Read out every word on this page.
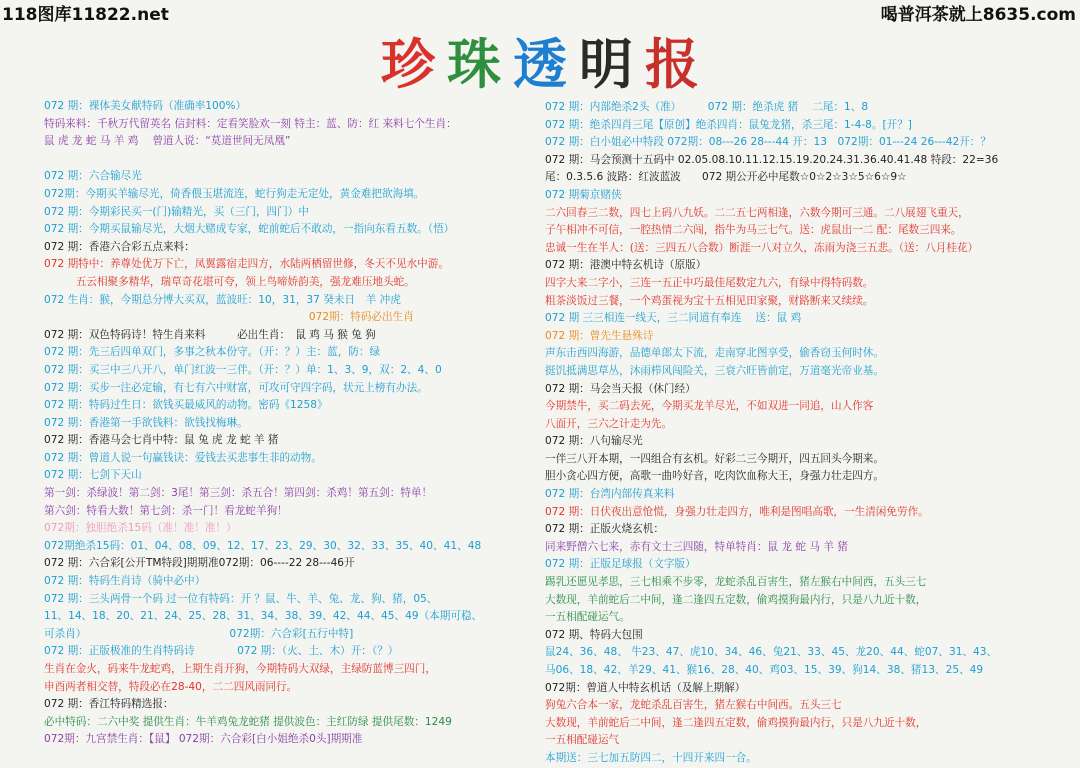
118图库11822.net	喝普洱茶就上8635.com
珍 珠 透 明 报
072 期：裸体美女献特码（准确率100%）
特码来料：千秋万代留英名 信封料：定看笑脸欢一刻 特主：蓝、防：红 来料七个生肖：
鼠 虎 龙 蛇 马 羊 鸡　 曾道人说：“莫道世间无凤凰”
072 期：六合输尽光
072期：今期买羊输尽光，倚香偎玉堪流连，蛇行狗走无定处，黄金难把欲海填。
072 期：今期彩民买一(门)输精光，买（三门，四门）中
072 期：今期买鼠输尽光，大烟大赌成专家，蛇前蛇后不敢动，一指向东看五数。（悟）
072 期：香港六合彩五点来料：
072 期特中：养尊处优万下亡，凤翼露宿走四方，水陆两栖留世修，冬天不见水中游。
　　　五云相聚多精华，瑞草奇花堪可夸，领上鸟啼娇韵美，强龙难压地头蛇。
072 生肖：猴，今期总分博大买双，蓝波旺：10，31，37 癸未日　羊 冲虎
　　　　　　　　　　　　　　　　　　　　　　　　　072期：特码必出生肖
072 期：双色特码诗！特生肖来料　　　必出生肖：　鼠 鸡 马 猴 兔 狗
072 期：先三后四单双门，多事之秋本份守。（开：？）主：蓝，防：绿
072 期：买三中三八开八，单门红波一三伴。（开：？）单：1、3、9，双：2、4、0
072 期：买步一注必定输，有七有六中财富，可攻可守四字码，状元上榜有办法。
072 期：特码过生日：欲钱买最威风的动物。密码《1258》
072 期：香港第一手欲钱料：欲钱找梅琳。
072 期：香港马会七肖中特：鼠 兔 虎 龙 蛇 羊 猪
072 期：曾道人说一句赢钱诀：爱钱去买悲事生非的动物。
072 期：七剑下天山
第一剑：杀绿波！第二剑：3尾！第三剑：杀五合！第四剑：杀鸡！第五剑：特单！
第六剑：特看大数！第七剑：杀一门！看龙蛇羊狗！
072期：独胆绝杀15码（准！准！准！）
072期绝杀15码：01、04、08、09、12、17、23、29、30、32、33、35、40、41、48
072 期：六合彩[公开TM特段]期期准072期：06----22 28---46开
072 期：特码生肖诗（骑中必中）
072 期：三头两骨一个码 过一位有特码：开 ？鼠、牛、羊、兔、龙、狗、猪，05、
11、14、18、20、21、24、25、28、31、34、38、39、42、44、45、49（本期可稳、
可杀肖）　　　　　　　　　　　　　　072期：六合彩[五行中特]
072 期：正版极准的生肖特码诗　　　　072 期：（火、土、木）开：（？）
生肖在金火，码来牛龙蛇鸡，上期生肖开狗，今期特码大双绿，主绿防蓝博三四门，
申酉两者相交替，特段必在28-40，二二四风雨同行。
072 期：香江特码精选报：
必中特码：二六中奖 提供生肖：牛羊鸡兔龙蛇猪 提供波色：主红防绿 提供尾数：1249
072期：九宫禁生肖：【鼠】 072期：六合彩[白小姐绝杀0头]期期准
072 期：内部绝杀2头（准）　　　072 期：绝杀虎 猪　 二尾：1、8
072 期：绝杀四肖三尾【原创】绝杀四肖：鼠兔龙猪，杀三尾：1-4-8。[开？]
072 期：白小姐必中特段 072期：08---26 28---44 开：13　072期：01---24 26---42开：？
072 期：马会预测十五码中 02.05.08.10.11.12.15.19.20.24.31.36.40.41.48 特段：22=36
尾：0.3.5.6 波路：红波蓝波　　072 期公开必中尾数☆0☆2☆3☆5☆6☆9☆
072 期菊京赌侠
二六回春三二数，四七上码八九妖。二二五七两相逢，六数今期可三通。二八展翅飞重天，
子午相冲不可信，一腔热情二六闯，指牛为马三七气。送：虎鼠出一二 配：尾数三四来。
忠诚一生在半人：(送：三四五八合数）断涯一八对立久，冻雨为浇三五悲。（送：八月桂花）
072 期：港澳中特玄机诗（原版）
四字大来二字小，三连一五正中巧最佳尾数定九六，有绿中得特码数。
粗茶淡饭过三餐，一个鸡蛋视为宝十五相见田家聚，财路断来又续续。
072 期 三三相连一线天，三二同道有奉连　 送：鼠 鸡
072 期：曾先生悬殊诗
声东击西四海游，品德单郎太下流，走南穿北图享受，偷香窃玉何时休。
挺饥抵满思草丛，沐雨栉风闯险关，三衰六旺皆前定，万道毫光帝业基。
072 期：马会当天报（休门经）
今期禁牛，买二码去死，今期买龙羊尽光，不如双进一同追，山人作客
八面开，三六之计走为先。
072 期：八句输尽光
一伴三八开本期，一四组合有玄机。好彩二三今期开，四五回头今期来。
胆小贪心四方便，高歌一曲吟好音，吃肉饮血称大王，身强力壮走四方。
072 期：台湾内部传真来料
072 期：日伏夜出意怆慌，身强力壮走四方，唯利是图唱高歌，一生清闲免劳作。
072 期：正版火烧玄机：
同来野僧六七来，赤有文士三四随，特单特肖：鼠 龙 蛇 马 羊 猪
072 期：正版足球报（文字版）
踢乳还愿见孝思，三七相乘不步零，龙蛇杀乱百害生，猪左猴右中间西，五头三七
大数现，羊前蛇后二中间，逢二逢四五定数，偷鸡摸狗最内行，只是八九近十数，
一五相配碰运气。
072 期、特码大包围
鼠24、36、48、 牛23、47、虎10、34、46、兔21、33、45、龙20、44、蛇07、31、43、
马06、18、42、羊29、41、猴16、28、40、鸡03、15、39、狗14、38、猪13、25、49
072期：曾道人中特玄机话（及解上期解）
狗兔六合本一家，龙蛇杀乱百害生，猪左猴右中间西。五头三七
大数现，羊前蛇后二中间，逢二逢四五定数，偷鸡摸狗最内行，只是八九近十数，
一五相配碰运气
本期送：三七加五防四二，十四开来四一合。
